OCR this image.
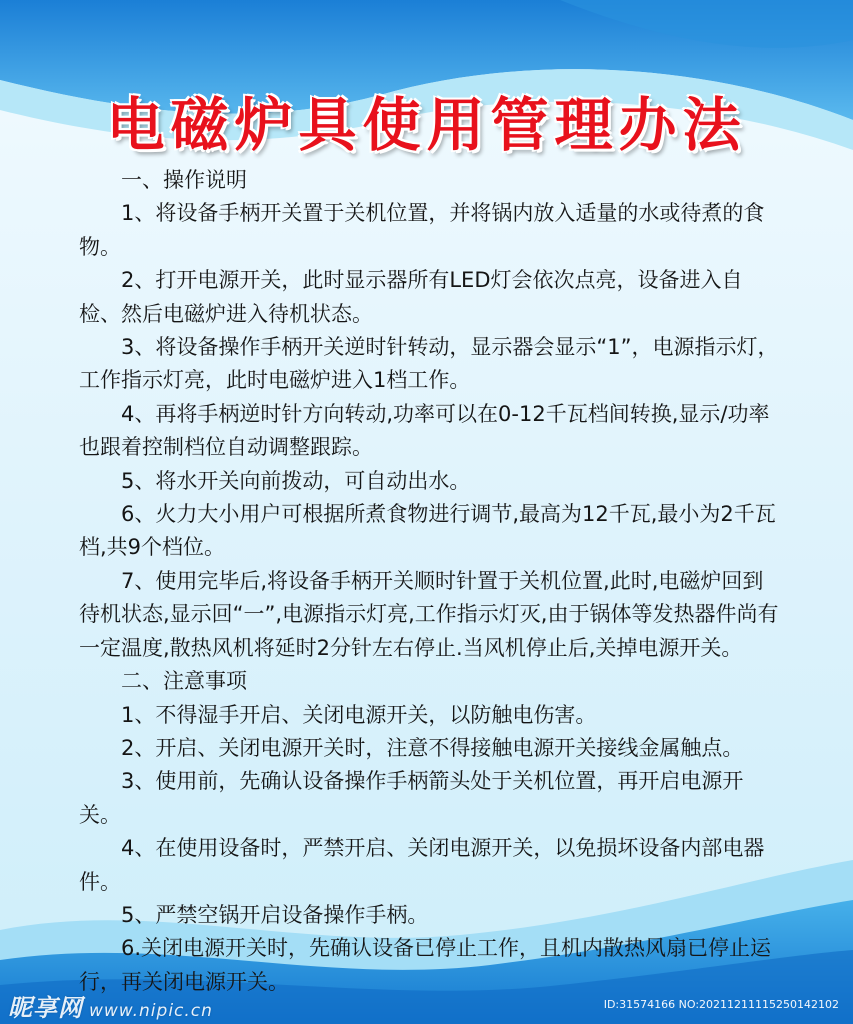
电磁炉具使用管理办法

一、操作说明

1、将设备手柄开关置于关机位置，并将锅内放入适量的水或待煮的食物。

2、打开电源开关，此时显示器所有LED灯会依次点亮，设备进入自检、然后电磁炉进入待机状态。

3、将设备操作手柄开关逆时针转动，显示器会显示“1”，电源指示灯，工作指示灯亮，此时电磁炉进入1档工作。

4、再将手柄逆时针方向转动,功率可以在0-12千瓦档间转换,显示/功率也跟着控制档位自动调整跟踪。

5、将水开关向前拨动，可自动出水。

6、火力大小用户可根据所煮食物进行调节,最高为12千瓦,最小为2千瓦档,共9个档位。

7、使用完毕后,将设备手柄开关顺时针置于关机位置,此时,电磁炉回到待机状态,显示回“一”,电源指示灯亮,工作指示灯灭,由于锅体等发热器件尚有一定温度,散热风机将延时2分针左右停止.当风机停止后,关掉电源开关。

二、注意事项

1、不得湿手开启、关闭电源开关，以防触电伤害。

2、开启、关闭电源开关时，注意不得接触电源开关接线金属触点。

3、使用前，先确认设备操作手柄箭头处于关机位置，再开启电源开关。

4、在使用设备时，严禁开启、关闭电源开关，以免损坏设备内部电器件。

5、严禁空锅开启设备操作手柄。

6.关闭电源开关时，先确认设备已停止工作，且机内散热风扇已停止运行，再关闭电源开关。

昵享网 www.nipic.cn	ID:31574166 NO:20211211115250142102
